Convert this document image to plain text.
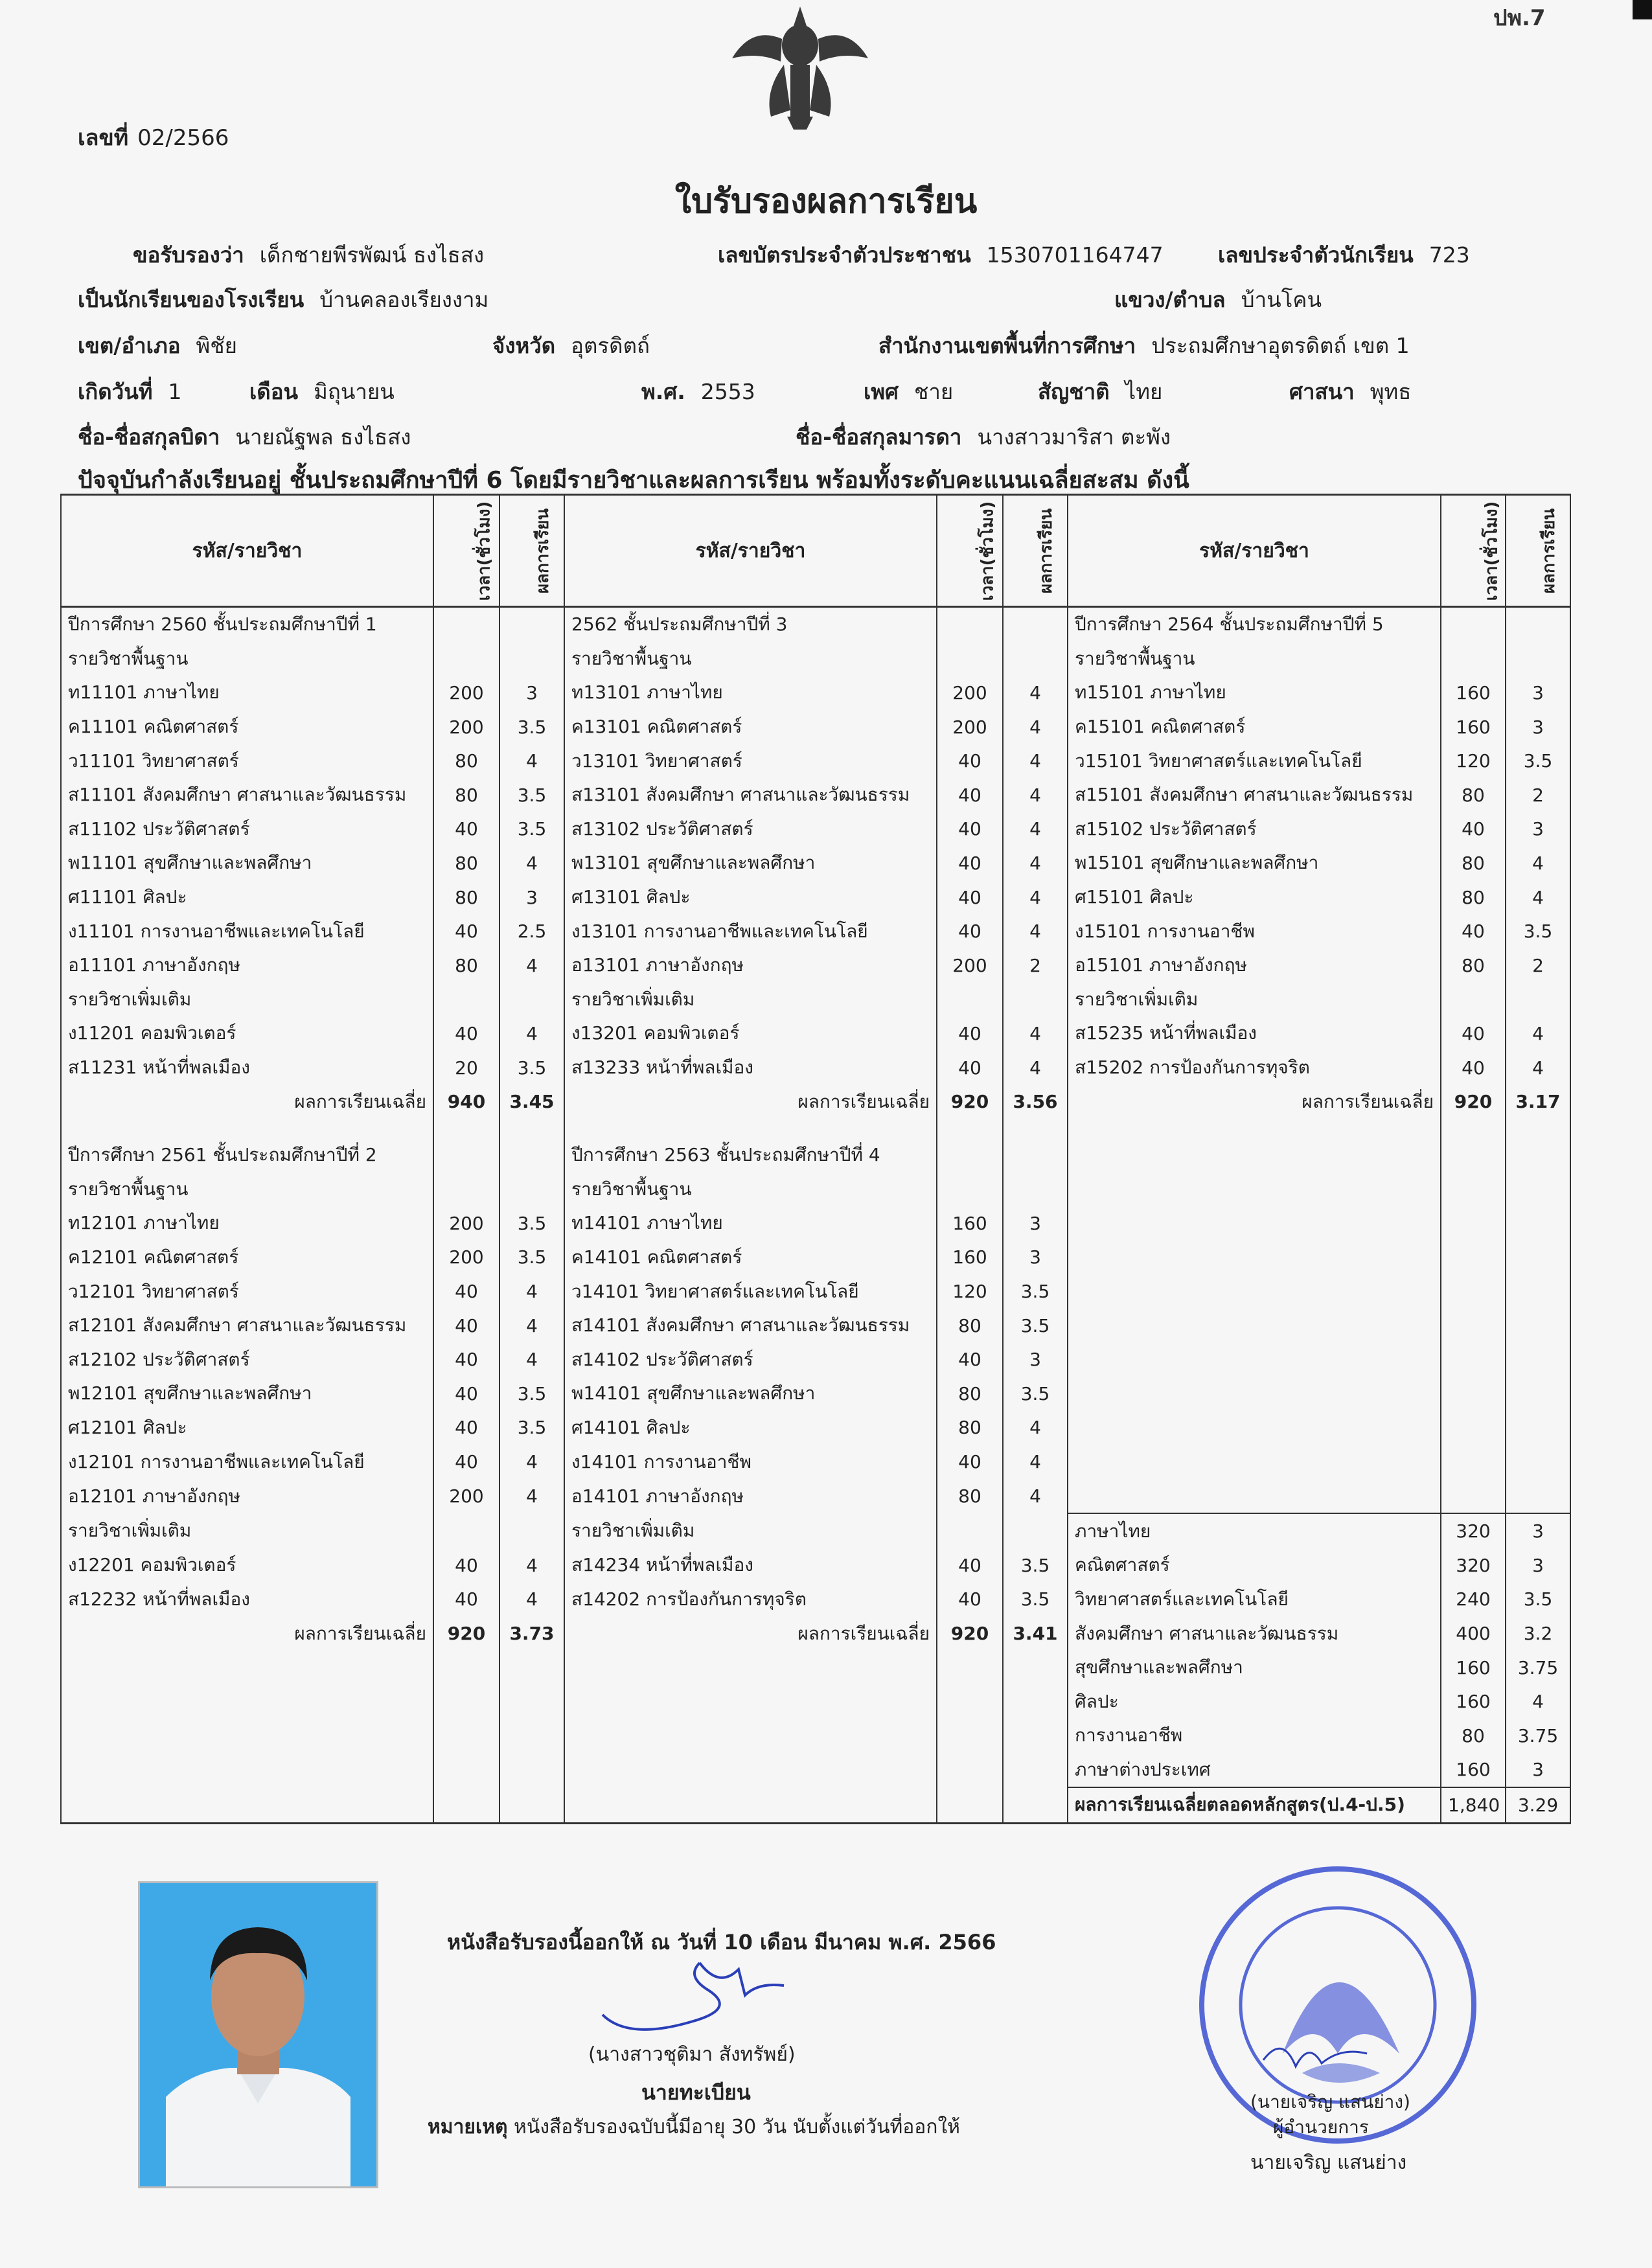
ปพ.7
เลขที่ 02/2566
ใบรับรองผลการเรียน
ขอรับรองว่า เด็กชายพีรพัฒน์ ธงไธสง	เลขบัตรประจำตัวประชาชน 1530701164747	เลขประจำตัวนักเรียน 723
เป็นนักเรียนของโรงเรียน บ้านคลองเรียงงาม	แขวง/ตำบล บ้านโคน
เขต/อำเภอ พิชัย	จังหวัด อุตรดิตถ์	สำนักงานเขตพื้นที่การศึกษา ประถมศึกษาอุตรดิตถ์ เขต 1
เกิดวันที่ 1	เดือน มิถุนายน	พ.ศ. 2553	เพศ ชาย	สัญชาติ ไทย	ศาสนา พุทธ
ชื่อ-ชื่อสกุลบิดา นายณัฐพล ธงไธสง	ชื่อ-ชื่อสกุลมารดา นางสาวมาริสา ตะพัง
ปัจจุบันกำลังเรียนอยู่ ชั้นประถมศึกษาปีที่ 6 โดยมีรายวิชาและผลการเรียน พร้อมทั้งระดับคะแนนเฉลี่ยสะสม ดังนี้
รหัส/รายวิชา	เวลา(ชั่วโมง)	ผลการเรียน	รหัส/รายวิชา	เวลา(ชั่วโมง)	ผลการเรียน	รหัส/รายวิชา	เวลา(ชั่วโมง)	ผลการเรียน
ปีการศึกษา 2560 ชั้นประถมศึกษาปีที่ 1			2562 ชั้นประถมศึกษาปีที่ 3			ปีการศึกษา 2564 ชั้นประถมศึกษาปีที่ 5		
รายวิชาพื้นฐาน			รายวิชาพื้นฐาน			รายวิชาพื้นฐาน		
ท11101 ภาษาไทย	200	3	ท13101 ภาษาไทย	200	4	ท15101 ภาษาไทย	160	3
ค11101 คณิตศาสตร์	200	3.5	ค13101 คณิตศาสตร์	200	4	ค15101 คณิตศาสตร์	160	3
ว11101 วิทยาศาสตร์	80	4	ว13101 วิทยาศาสตร์	40	4	ว15101 วิทยาศาสตร์และเทคโนโลยี	120	3.5
ส11101 สังคมศึกษา ศาสนาและวัฒนธรรม	80	3.5	ส13101 สังคมศึกษา ศาสนาและวัฒนธรรม	40	4	ส15101 สังคมศึกษา ศาสนาและวัฒนธรรม	80	2
ส11102 ประวัติศาสตร์	40	3.5	ส13102 ประวัติศาสตร์	40	4	ส15102 ประวัติศาสตร์	40	3
พ11101 สุขศึกษาและพลศึกษา	80	4	พ13101 สุขศึกษาและพลศึกษา	40	4	พ15101 สุขศึกษาและพลศึกษา	80	4
ศ11101 ศิลปะ	80	3	ศ13101 ศิลปะ	40	4	ศ15101 ศิลปะ	80	4
ง11101 การงานอาชีพและเทคโนโลยี	40	2.5	ง13101 การงานอาชีพและเทคโนโลยี	40	4	ง15101 การงานอาชีพ	40	3.5
อ11101 ภาษาอังกฤษ	80	4	อ13101 ภาษาอังกฤษ	200	2	อ15101 ภาษาอังกฤษ	80	2
รายวิชาเพิ่มเติม			รายวิชาเพิ่มเติม			รายวิชาเพิ่มเติม		
ง11201 คอมพิวเตอร์	40	4	ง13201 คอมพิวเตอร์	40	4	ส15235 หน้าที่พลเมือง	40	4
ส11231 หน้าที่พลเมือง	20	3.5	ส13233 หน้าที่พลเมือง	40	4	ส15202 การป้องกันการทุจริต	40	4
ผลการเรียนเฉลี่ย	940	3.45	ผลการเรียนเฉลี่ย	920	3.56	ผลการเรียนเฉลี่ย	920	3.17

ปีการศึกษา 2561 ชั้นประถมศึกษาปีที่ 2			ปีการศึกษา 2563 ชั้นประถมศึกษาปีที่ 4					
รายวิชาพื้นฐาน			รายวิชาพื้นฐาน					
ท12101 ภาษาไทย	200	3.5	ท14101 ภาษาไทย	160	3			
ค12101 คณิตศาสตร์	200	3.5	ค14101 คณิตศาสตร์	160	3			
ว12101 วิทยาศาสตร์	40	4	ว14101 วิทยาศาสตร์และเทคโนโลยี	120	3.5			
ส12101 สังคมศึกษา ศาสนาและวัฒนธรรม	40	4	ส14101 สังคมศึกษา ศาสนาและวัฒนธรรม	80	3.5			
ส12102 ประวัติศาสตร์	40	4	ส14102 ประวัติศาสตร์	40	3			
พ12101 สุขศึกษาและพลศึกษา	40	3.5	พ14101 สุขศึกษาและพลศึกษา	80	3.5			
ศ12101 ศิลปะ	40	3.5	ศ14101 ศิลปะ	80	4			
ง12101 การงานอาชีพและเทคโนโลยี	40	4	ง14101 การงานอาชีพ	40	4			
อ12101 ภาษาอังกฤษ	200	4	อ14101 ภาษาอังกฤษ	80	4			
รายวิชาเพิ่มเติม			รายวิชาเพิ่มเติม			ภาษาไทย	320	3
ง12201 คอมพิวเตอร์	40	4	ส14234 หน้าที่พลเมือง	40	3.5	คณิตศาสตร์	320	3
ส12232 หน้าที่พลเมือง	40	4	ส14202 การป้องกันการทุจริต	40	3.5	วิทยาศาสตร์และเทคโนโลยี	240	3.5
ผลการเรียนเฉลี่ย	920	3.73	ผลการเรียนเฉลี่ย	920	3.41	สังคมศึกษา ศาสนาและวัฒนธรรม	400	3.2
						สุขศึกษาและพลศึกษา	160	3.75
						ศิลปะ	160	4
						การงานอาชีพ	80	3.75
						ภาษาต่างประเทศ	160	3
						ผลการเรียนเฉลี่ยตลอดหลักสูตร(ป.4-ป.5)	1,840	3.29
หนังสือรับรองนี้ออกให้ ณ วันที่ 10 เดือน มีนาคม พ.ศ. 2566
(นางสาวชุติมา สังทรัพย์)
นายทะเบียน
หมายเหตุ หนังสือรับรองฉบับนี้มีอายุ 30 วัน นับตั้งแต่วันที่ออกให้
(นายเจริญ แสนย่าง)
ผู้อำนวยการ
นายเจริญ แสนย่าง
